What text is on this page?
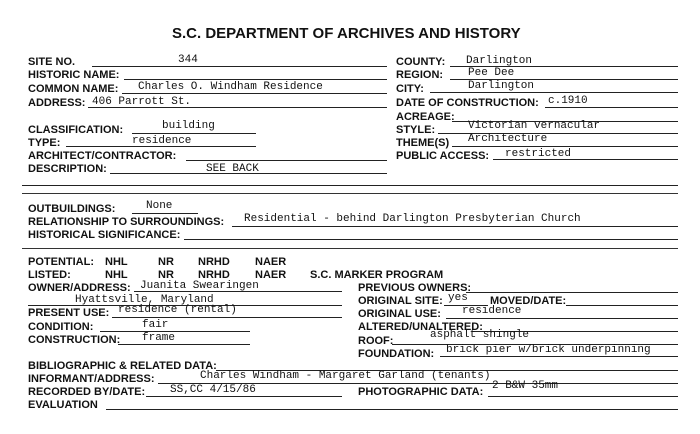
S.C. DEPARTMENT OF ARCHIVES AND HISTORY
SITE NO.	344
HISTORIC NAME:
COMMON NAME: Charles O. Windham Residence
ADDRESS: 406 Parrott St.
COUNTY: Darlington
REGION: Pee Dee
CITY:	Darlington
DATE OF CONSTRUCTION: c.1910
ACREAGE:
CLASSIFICATION:	building
TYPE:	residence
ARCHITECT/CONTRACTOR:
DESCRIPTION:	SEE BACK
STYLE:	Victorian vernacular
THEME(S) Architecture
PUBLIC ACCESS: restricted
OUTBUILDINGS:	None
RELATIONSHIP TO SURROUNDINGS: Residential - behind Darlington Presbyterian Church
HISTORICAL SIGNIFICANCE:
POTENTIAL: NHL	NR NRHD NAER
LISTED:	NHL	NR NRHD NAER S.C. MARKER PROGRAM
OWNER/ADDRESS: Juanita Swearingen
Hyattsville, Maryland
PREVIOUS OWNERS:
ORIGINAL SITE: yes MOVED/DATE:
PRESENT USE: residence (rental)	ORIGINAL USE: residence
CONDITION:	fair	ALTERED/UNALTERED:
CONSTRUCTION: frame	ROOF:	asphalt shingle
FOUNDATION: brick pier w/brick underpinning
BIBLIOGRAPHIC & RELATED DATA:
INFORMANT/ADDRESS:	Charles Windham - Margaret Garland (tenants)
RECORDED BY/DATE: SS,CC 4/15/86	PHOTOGRAPHIC DATA: 2 B&W 35mm
EVALUATION
